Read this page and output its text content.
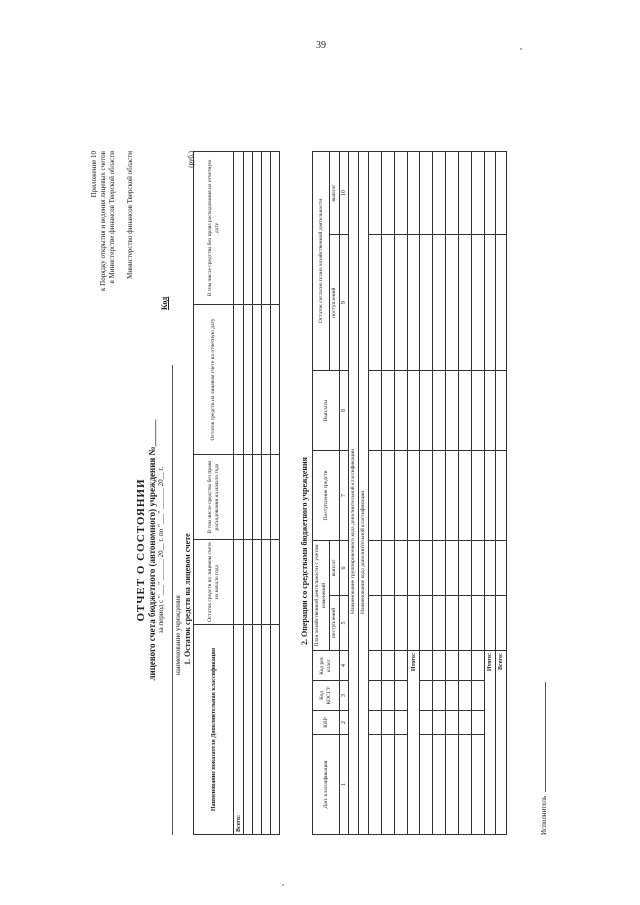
39
Приложение 10 к Порядку открытия и ведения лицевых счетов в Министерстве финансов Тверской области Министерство финансов Тверской области
ОТЧЕТ О СОСТОЯНИИ лицевого счета бюджетного (автономного) учреждения №______ за период с "___" ______ 20__ г. по "___" ______ 20__ г.
Код
наименование учреждения 1. Остаток средств на лицевом счете
(руб.)
Наименование показателя Дополнительная классификация	Остаток средств на лицевом счете на начало года	В том числе средства без права расходования на начало года	Остаток средств на лицевом счете на отчетную дату	В том числе средства без права расходования на отчетную дату
Всего:				

2. Операции со средствами бюджетного учреждения
Доп. классификация	КВР	Код КОСГУ	Код рег. класс	План хозяйственной деятельности с учетом изменений		Поступление средств	Выплаты	Остаток согласно плана хозяйственной деятельности	
				поступлений	выплат			поступлений	выплат
1	2	3	4	5	6	7	8	9	10
Наименование группировочного кода дополнительной классификации									
Наименование кода дополнительной классификации									

Итого:									

Итого:									
Всего:									
Исполнитель
